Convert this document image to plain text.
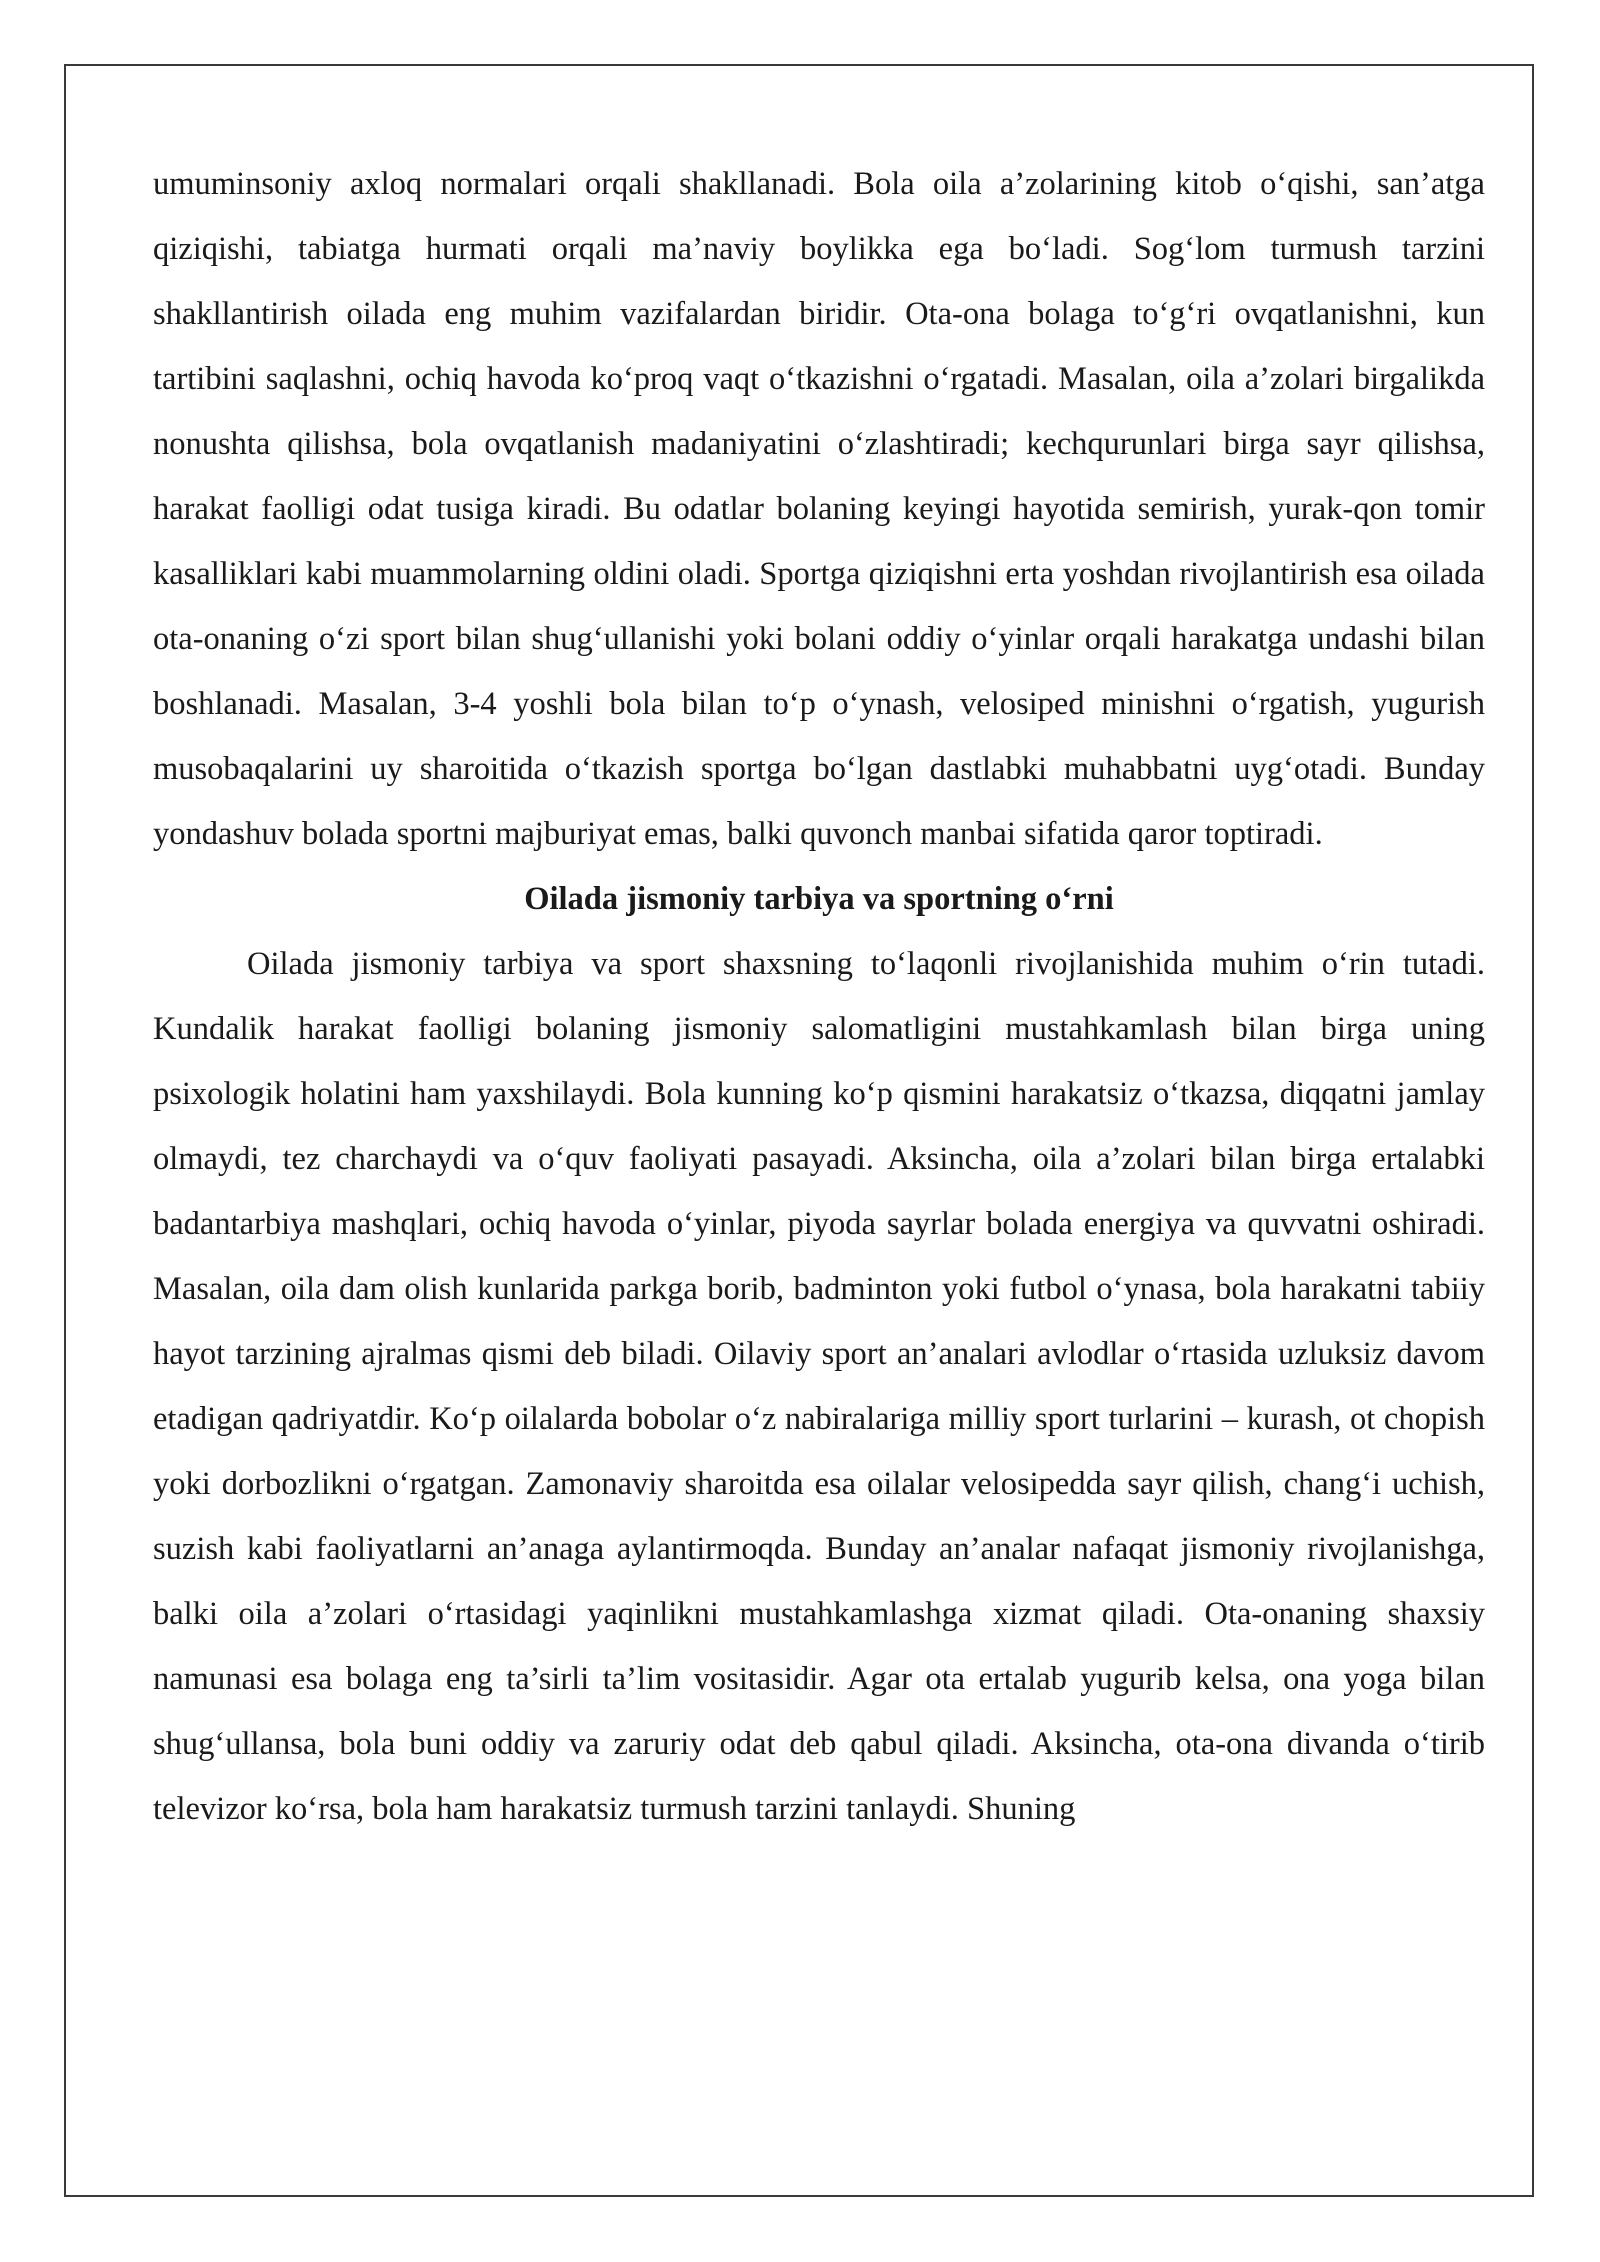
umuminsoniy axloq normalari orqali shakllanadi. Bola oila a’zolarining kitob o‘qishi, san’atga qiziqishi, tabiatga hurmati orqali ma’naviy boylikka ega bo‘ladi. Sog‘lom turmush tarzini shakllantirish oilada eng muhim vazifalardan biridir. Ota-ona bolaga to‘g‘ri ovqatlanishni, kun tartibini saqlashni, ochiq havoda ko‘proq vaqt o‘tkazishni o‘rgatadi. Masalan, oila a’zolari birgalikda nonushta qilishsa, bola ovqatlanish madaniyatini o‘zlashtiradi; kechqurunlari birga sayr qilishsa, harakat faolligi odat tusiga kiradi. Bu odatlar bolaning keyingi hayotida semirish, yurak-qon tomir kasalliklari kabi muammolarning oldini oladi. Sportga qiziqishni erta yoshdan rivojlantirish esa oilada ota-onaning o‘zi sport bilan shug‘ullanishi yoki bolani oddiy o‘yinlar orqali harakatga undashi bilan boshlanadi. Masalan, 3-4 yoshli bola bilan to‘p o‘ynash, velosiped minishni o‘rgatish, yugurish musobaqalarini uy sharoitida o‘tkazish sportga bo‘lgan dastlabki muhabbatni uyg‘otadi. Bunday yondashuv bolada sportni majburiyat emas, balki quvonch manbai sifatida qaror toptiradi.

Oilada jismoniy tarbiya va sportning o‘rni

Oilada jismoniy tarbiya va sport shaxsning to‘laqonli rivojlanishida muhim o‘rin tutadi. Kundalik harakat faolligi bolaning jismoniy salomatligini mustahkamlash bilan birga uning psixologik holatini ham yaxshilaydi. Bola kunning ko‘p qismini harakatsiz o‘tkazsa, diqqatni jamlay olmaydi, tez charchaydi va o‘quv faoliyati pasayadi. Aksincha, oila a’zolari bilan birga ertalabki badantarbiya mashqlari, ochiq havoda o‘yinlar, piyoda sayrlar bolada energiya va quvvatni oshiradi. Masalan, oila dam olish kunlarida parkga borib, badminton yoki futbol o‘ynasa, bola harakatni tabiiy hayot tarzining ajralmas qismi deb biladi. Oilaviy sport an’analari avlodlar o‘rtasida uzluksiz davom etadigan qadriyatdir. Ko‘p oilalarda bobolar o‘z nabiralariga milliy sport turlarini – kurash, ot chopish yoki dorbozlikni o‘rgatgan. Zamonaviy sharoitda esa oilalar velosipedda sayr qilish, chang‘i uchish, suzish kabi faoliyatlarni an’anaga aylantirmoqda. Bunday an’analar nafaqat jismoniy rivojlanishga, balki oila a’zolari o‘rtasidagi yaqinlikni mustahkamlashga xizmat qiladi. Ota-onaning shaxsiy namunasi esa bolaga eng ta’sirli ta’lim vositasidir. Agar ota ertalab yugurib kelsa, ona yoga bilan shug‘ullansa, bola buni oddiy va zaruriy odat deb qabul qiladi. Aksincha, ota-ona divanda o‘tirib televizor ko‘rsa, bola ham harakatsiz turmush tarzini tanlaydi. Shuning
